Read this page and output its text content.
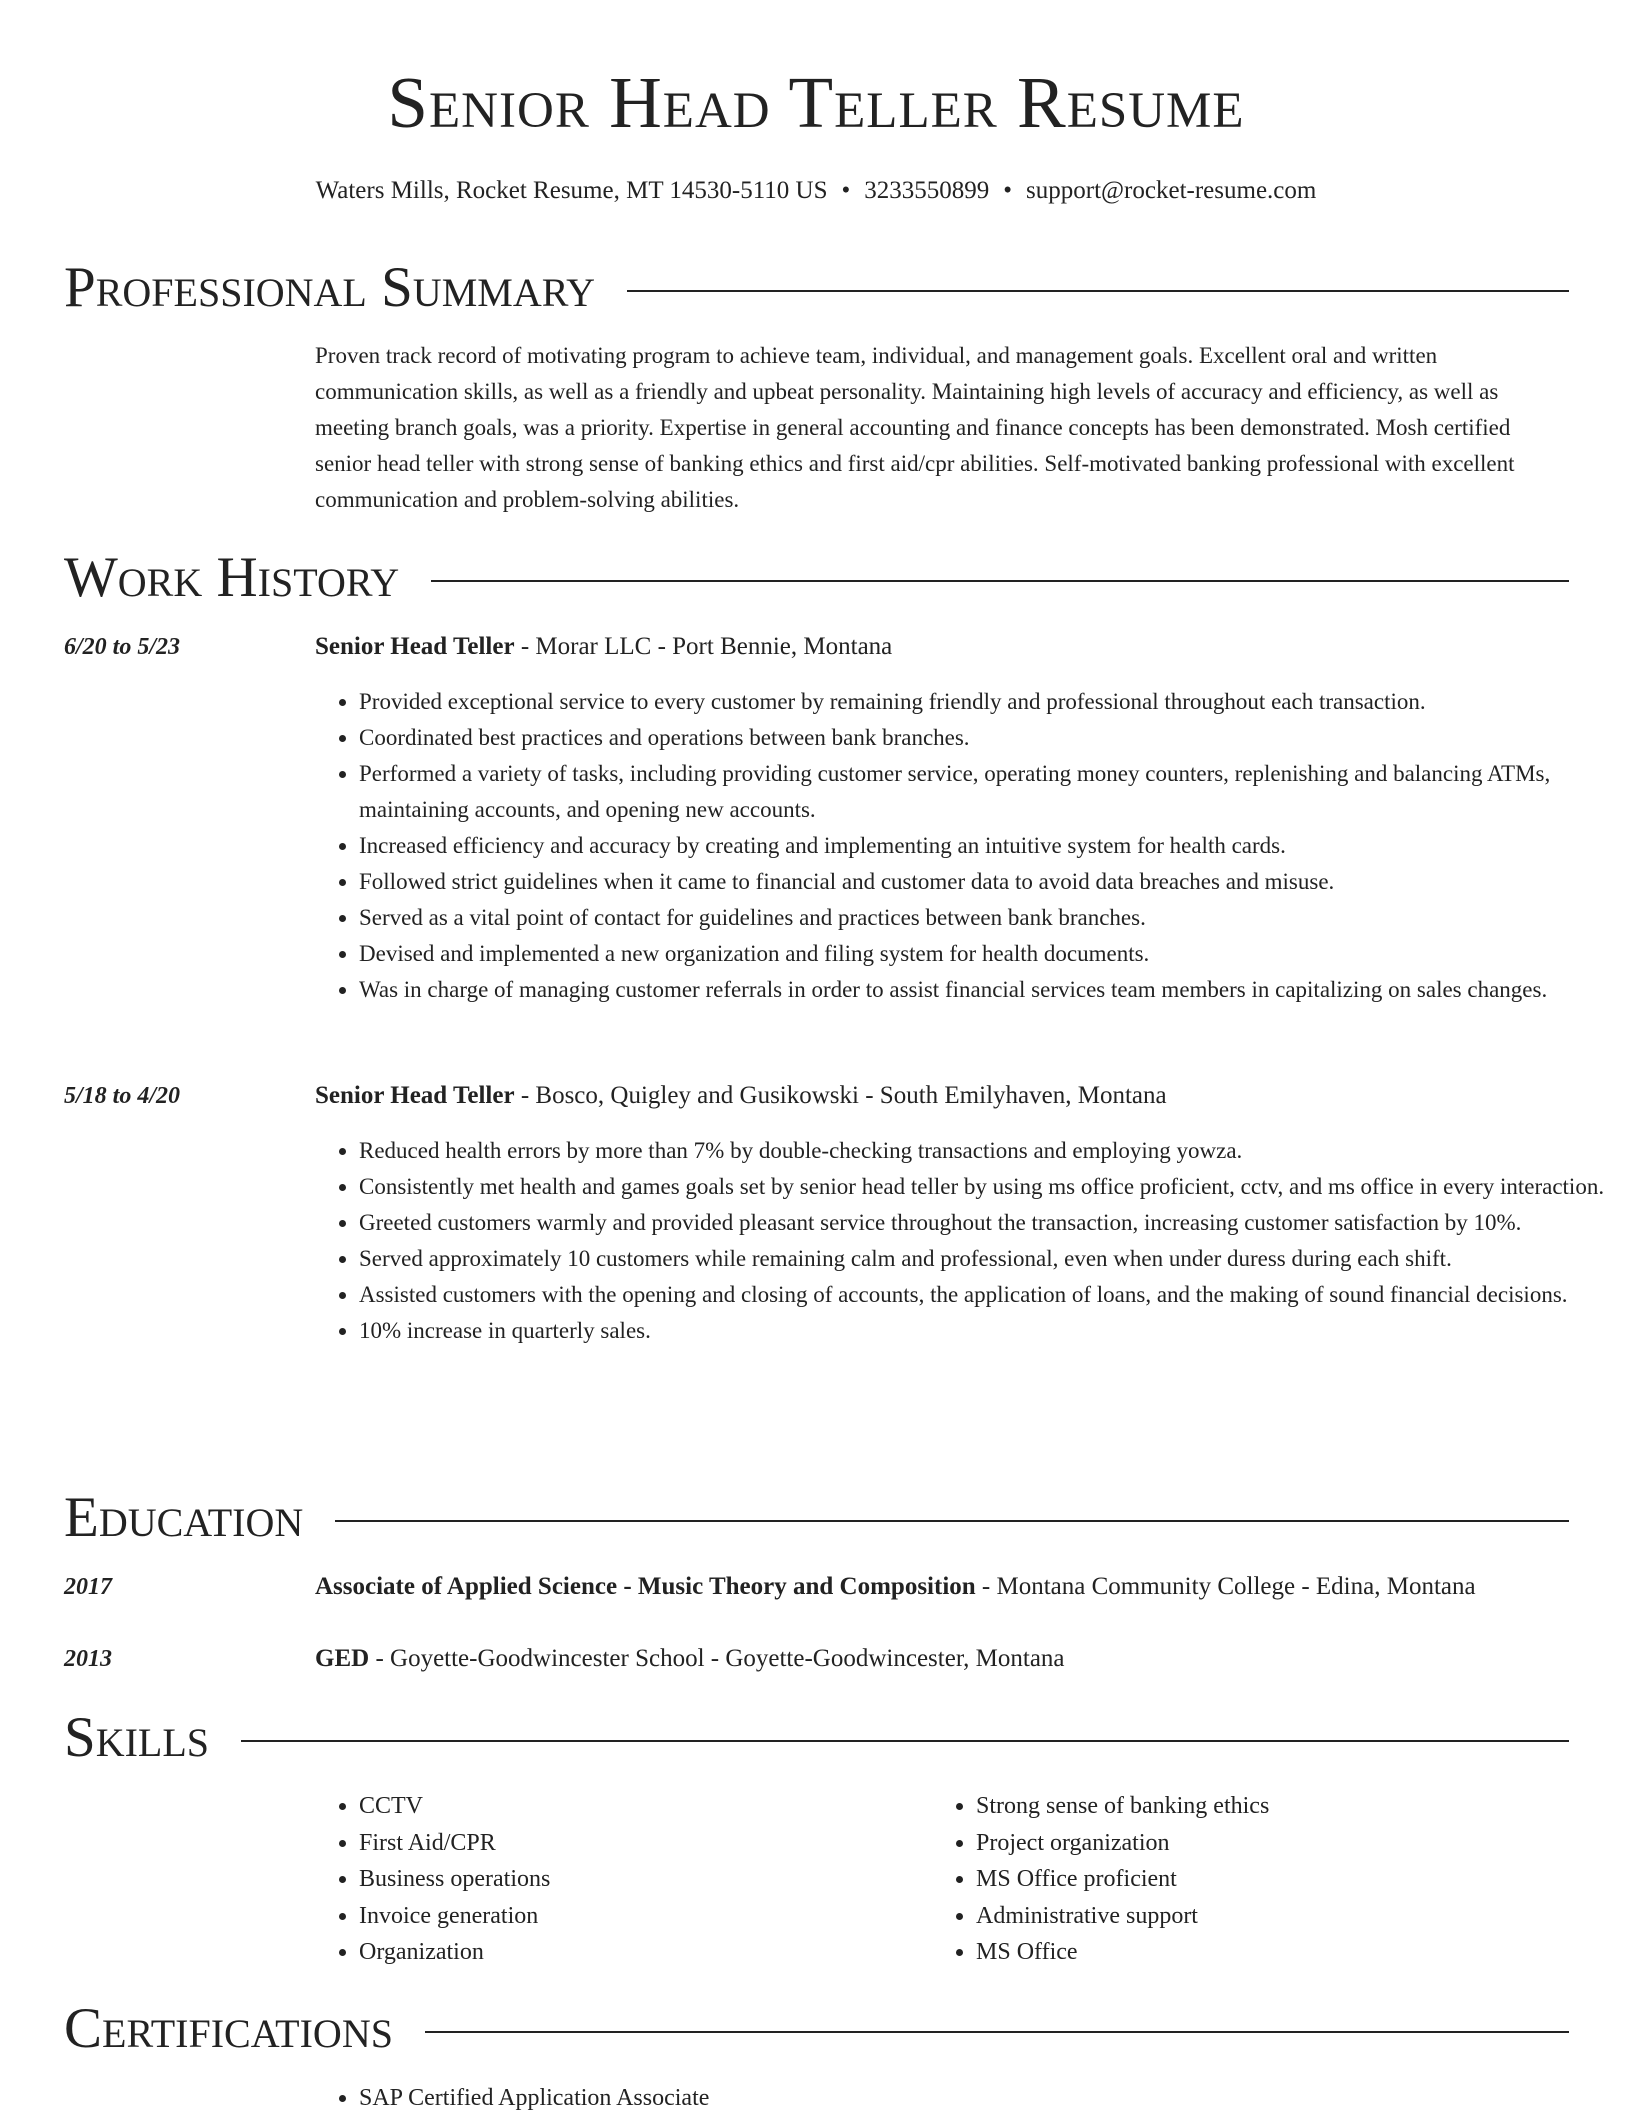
Senior Head Teller Resume
Waters Mills, Rocket Resume, MT 14530-5110 US • 3233550899 • support@rocket-resume.com
Professional Summary

Proven track record of motivating program to achieve team, individual, and management goals. Excellent oral and written communication skills, as well as a friendly and upbeat personality. Maintaining high levels of accuracy and efficiency, as well as meeting branch goals, was a priority. Expertise in general accounting and finance concepts has been demonstrated. Mosh certified senior head teller with strong sense of banking ethics and first aid/cpr abilities. Self-motivated banking professional with excellent communication and problem-solving abilities.

Work History
6/20 to 5/23	Senior Head Teller - Morar LLC - Port Bennie, Montana
• Provided exceptional service to every customer by remaining friendly and professional throughout each transaction.
• Coordinated best practices and operations between bank branches.
• Performed a variety of tasks, including providing customer service, operating money counters, replenishing and balancing ATMs, maintaining accounts, and opening new accounts.
• Increased efficiency and accuracy by creating and implementing an intuitive system for health cards.
• Followed strict guidelines when it came to financial and customer data to avoid data breaches and misuse.
• Served as a vital point of contact for guidelines and practices between bank branches.
• Devised and implemented a new organization and filing system for health documents.
• Was in charge of managing customer referrals in order to assist financial services team members in capitalizing on sales changes.
5/18 to 4/20	Senior Head Teller - Bosco, Quigley and Gusikowski - South Emilyhaven, Montana
• Reduced health errors by more than 7% by double-checking transactions and employing yowza.
• Consistently met health and games goals set by senior head teller by using ms office proficient, cctv, and ms office in every interaction.
• Greeted customers warmly and provided pleasant service throughout the transaction, increasing customer satisfaction by 10%.
• Served approximately 10 customers while remaining calm and professional, even when under duress during each shift.
• Assisted customers with the opening and closing of accounts, the application of loans, and the making of sound financial decisions.
• 10% increase in quarterly sales.
Education
2017	Associate of Applied Science - Music Theory and Composition - Montana Community College - Edina, Montana
2013	GED - Goyette-Goodwincester School - Goyette-Goodwincester, Montana
Skills
• CCTV
• First Aid/CPR
• Business operations
• Invoice generation
• Organization
• Strong sense of banking ethics
• Project organization
• MS Office proficient
• Administrative support
• MS Office
Certifications
• SAP Certified Application Associate
